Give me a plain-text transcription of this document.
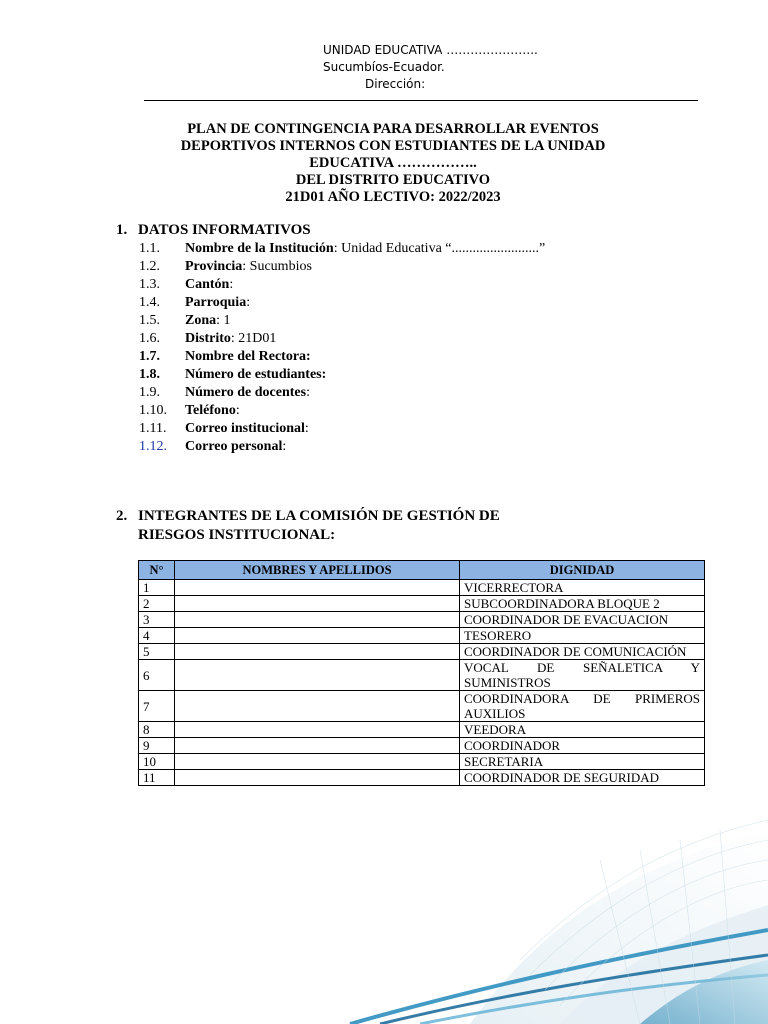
UNIDAD EDUCATIVA …………………..
Sucumbíos-Ecuador.
Dirección:
PLAN DE CONTINGENCIA PARA DESARROLLAR EVENTOS
DEPORTIVOS INTERNOS CON ESTUDIANTES DE LA UNIDAD
EDUCATIVA ……………..
DEL DISTRITO EDUCATIVO
21D01 AÑO LECTIVO: 2022/2023
1. DATOS INFORMATIVOS
1.1. Nombre de la Institución: Unidad Educativa “.........................”
1.2. Provincia: Sucumbios
1.3. Cantón:
1.4. Parroquia:
1.5. Zona: 1
1.6. Distrito: 21D01
1.7. Nombre del Rectora:
1.8. Número de estudiantes:
1.9. Número de docentes:
1.10. Teléfono:
1.11. Correo institucional:
1.12. Correo personal:
2. INTEGRANTES DE LA COMISIÓN DE GESTIÓN DE
RIESGOS INSTITUCIONAL:
N°	NOMBRES Y APELLIDOS	DIGNIDAD
1		VICERRECTORA
2		SUBCOORDINADORA BLOQUE 2
3		COORDINADOR DE EVACUACION
4		TESORERO
5		COORDINADOR DE COMUNICACIÓN
6		VOCAL DE SEÑALETICA Y SUMINISTROS
7		COORDINADORA DE PRIMEROS AUXILIOS
8		VEEDORA
9		COORDINADOR
10		SECRETARIA
11		COORDINADOR DE SEGURIDAD
